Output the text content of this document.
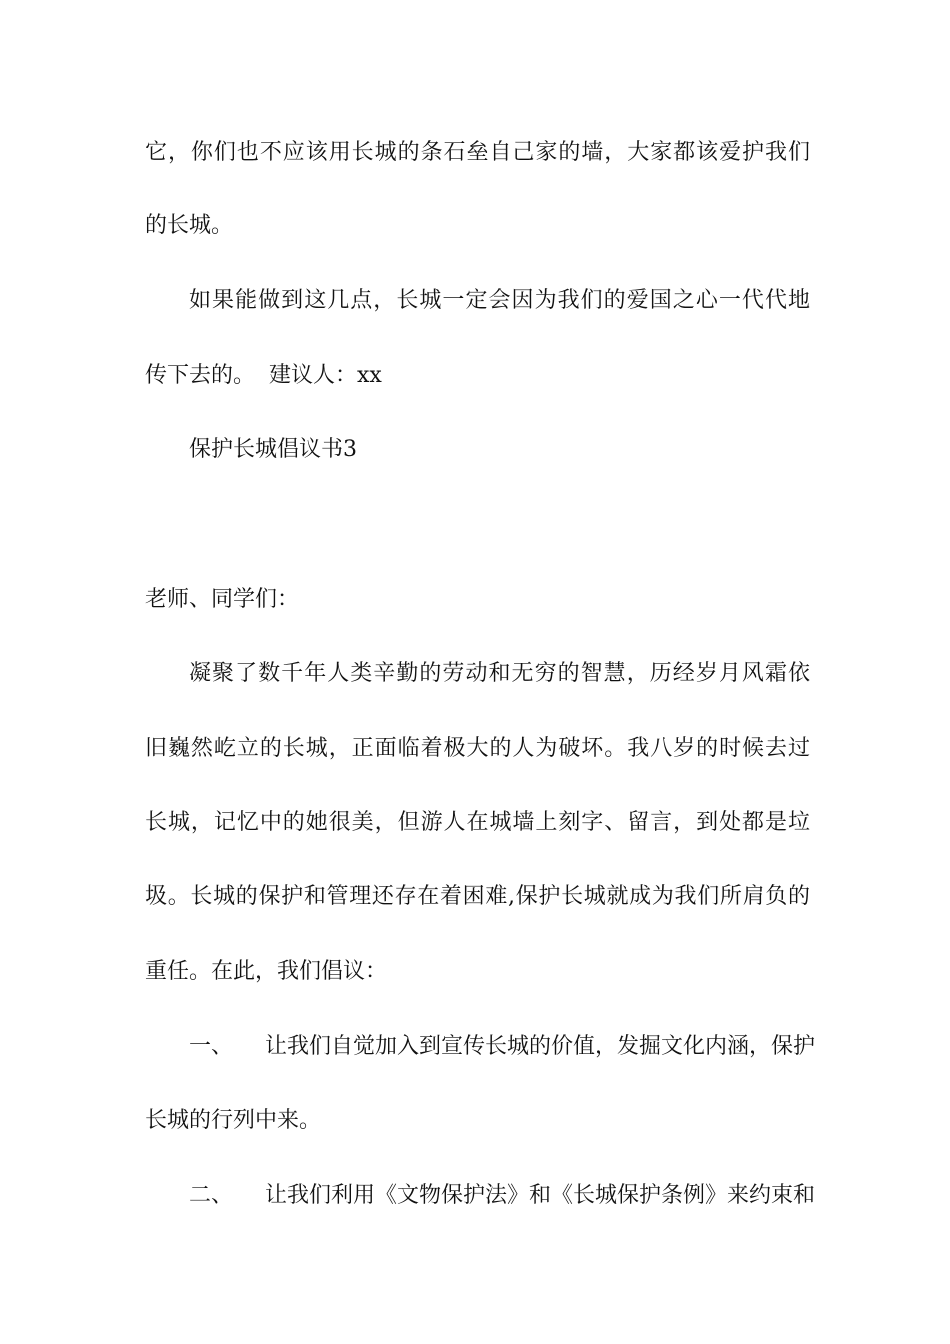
它，你们也不应该用长城的条石垒自己家的墙，大家都该爱护我们
的长城。
如果能做到这几点，长城一定会因为我们的爱国之心一代代地
传下去的。 建议人：xx
保护长城倡议书3
老师、同学们：
凝聚了数千年人类辛勤的劳动和无穷的智慧，历经岁月风霜依
旧巍然屹立的长城，正面临着极大的人为破坏。我八岁的时候去过
长城，记忆中的她很美，但游人在城墙上刻字、留言，到处都是垃
圾。长城的保护和管理还存在着困难,保护长城就成为我们所肩负的
重任。在此，我们倡议：
一、 让我们自觉加入到宣传长城的价值，发掘文化内涵，保护
长城的行列中来。
二、 让我们利用《文物保护法》和《长城保护条例》来约束和
